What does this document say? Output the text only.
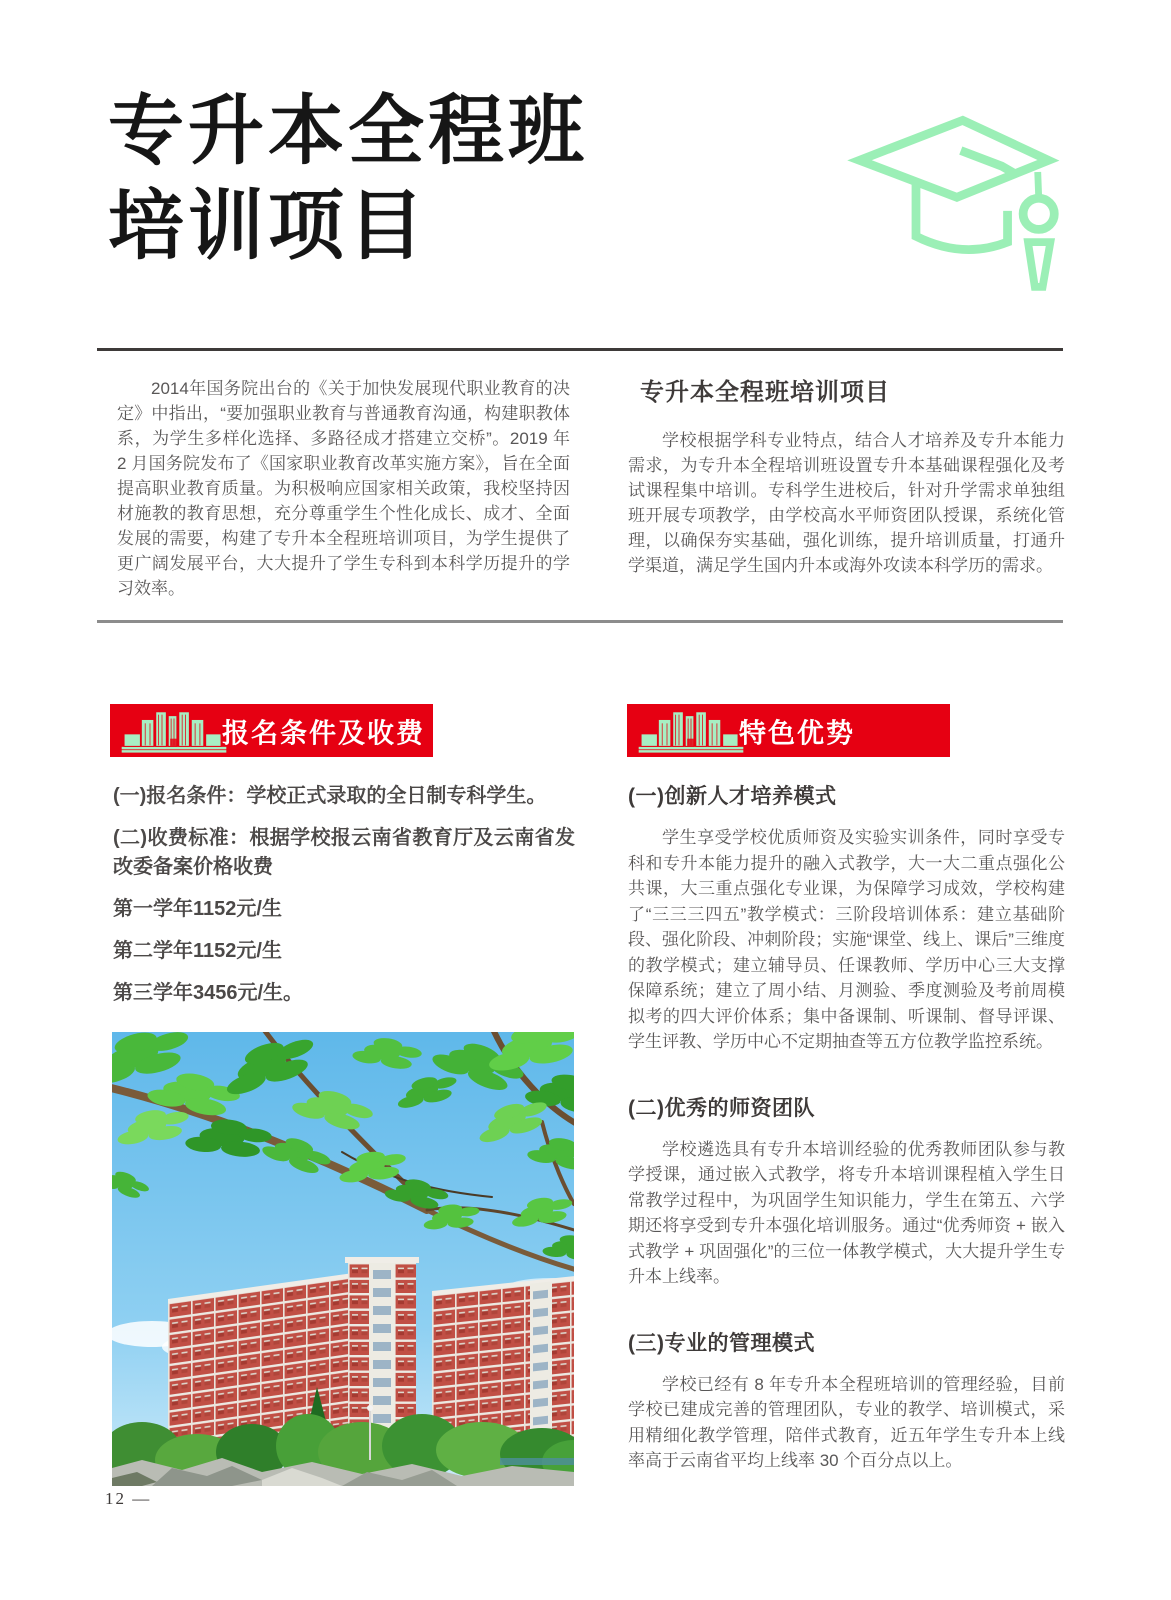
专升本全程班
培训项目

2014年国务院出台的《关于加快发展现代职业教育的决定》中指出，“要加强职业教育与普通教育沟通，构建职教体系，为学生多样化选择、多路径成才搭建立交桥”。2019 年 2 月国务院发布了《国家职业教育改革实施方案》，旨在全面提高职业教育质量。为积极响应国家相关政策，我校坚持因材施教的教育思想，充分尊重学生个性化成长、成才、全面发展的需要，构建了专升本全程班培训项目，为学生提供了更广阔发展平台，大大提升了学生专科到本科学历提升的学习效率。

专升本全程班培训项目

学校根据学科专业特点，结合人才培养及专升本能力需求，为专升本全程培训班设置专升本基础课程强化及考试课程集中培训。专科学生进校后，针对升学需求单独组班开展专项教学，由学校高水平师资团队授课，系统化管理，以确保夯实基础，强化训练，提升培训质量，打通升学渠道，满足学生国内升本或海外攻读本科学历的需求。

报名条件及收费

(一)报名条件：学校正式录取的全日制专科学生。

(二)收费标准：根据学校报云南省教育厅及云南省发改委备案价格收费

第一学年1152元/生

第二学年1152元/生

第三学年3456元/生。

特色优势
(一)创新人才培养模式

学生享受学校优质师资及实验实训条件，同时享受专科和专升本能力提升的融入式教学，大一大二重点强化公共课，大三重点强化专业课，为保障学习成效，学校构建了“三三三四五”教学模式：三阶段培训体系：建立基础阶段、强化阶段、冲刺阶段；实施“课堂、线上、课后”三维度的教学模式；建立辅导员、任课教师、学历中心三大支撑保障系统；建立了周小结、月测验、季度测验及考前周模拟考的四大评价体系；集中备课制、听课制、督导评课、学生评教、学历中心不定期抽查等五方位教学监控系统。

(二)优秀的师资团队

学校遴选具有专升本培训经验的优秀教师团队参与教学授课，通过嵌入式教学，将专升本培训课程植入学生日常教学过程中，为巩固学生知识能力，学生在第五、六学期还将享受到专升本强化培训服务。通过“优秀师资 + 嵌入式教学 + 巩固强化”的三位一体教学模式，大大提升学生专升本上线率。

(三)专业的管理模式

学校已经有 8 年专升本全程班培训的管理经验，目前学校已建成完善的管理团队，专业的教学、培训模式，采用精细化教学管理，陪伴式教育，近五年学生专升本上线率高于云南省平均上线率 30 个百分点以上。

12 —
